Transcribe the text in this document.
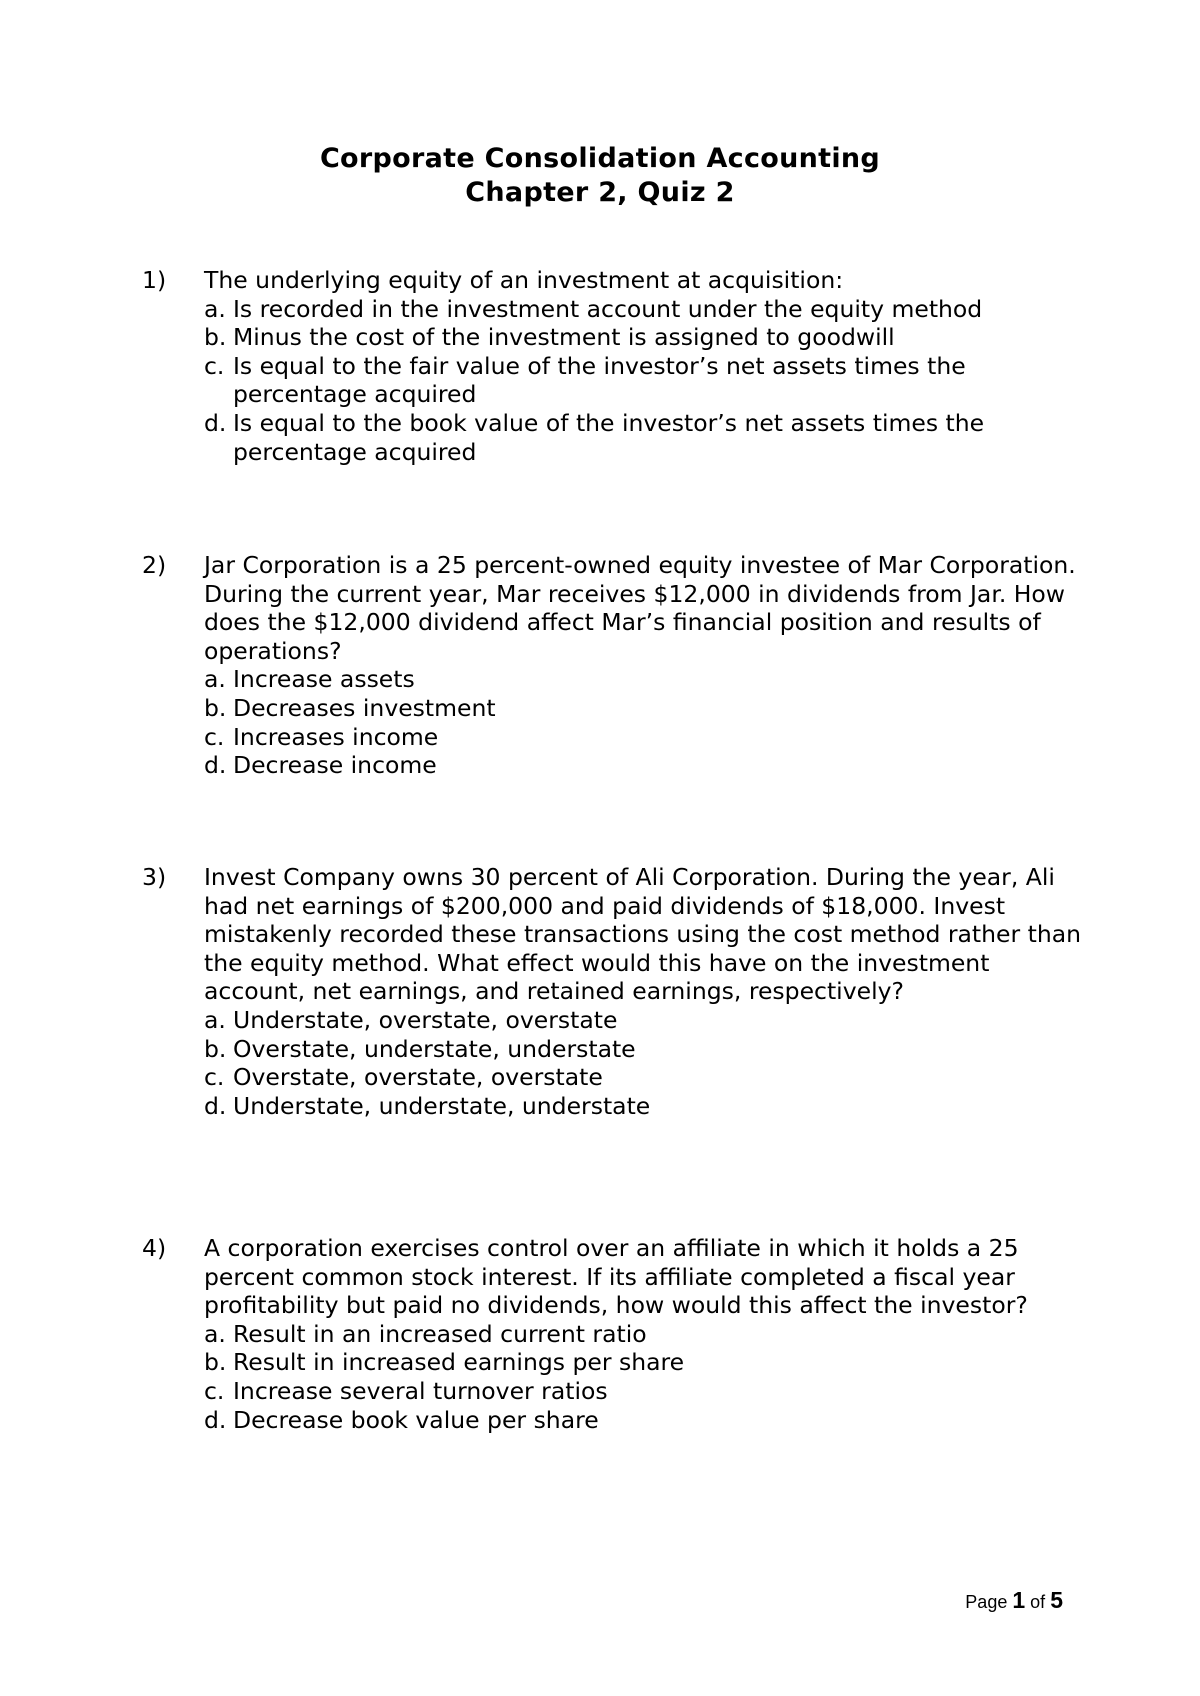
Corporate Consolidation Accounting
Chapter 2, Quiz 2
1) The underlying equity of an investment at acquisition:
a. Is recorded in the investment account under the equity method
b. Minus the cost of the investment is assigned to goodwill
c. Is equal to the fair value of the investor’s net assets times the percentage acquired
d. Is equal to the book value of the investor’s net assets times the percentage acquired
2) Jar Corporation is a 25 percent-owned equity investee of Mar Corporation. During the current year, Mar receives $12,000 in dividends from Jar. How does the $12,000 dividend affect Mar’s financial position and results of operations?
a. Increase assets
b. Decreases investment
c. Increases income
d. Decrease income
3) Invest Company owns 30 percent of Ali Corporation. During the year, Ali had net earnings of $200,000 and paid dividends of $18,000. Invest mistakenly recorded these transactions using the cost method rather than the equity method. What effect would this have on the investment account, net earnings, and retained earnings, respectively?
a. Understate, overstate, overstate
b. Overstate, understate, understate
c. Overstate, overstate, overstate
d. Understate, understate, understate
4) A corporation exercises control over an affiliate in which it holds a 25 percent common stock interest. If its affiliate completed a fiscal year profitability but paid no dividends, how would this affect the investor?
a. Result in an increased current ratio
b. Result in increased earnings per share
c. Increase several turnover ratios
d. Decrease book value per share
Page 1 of 5
